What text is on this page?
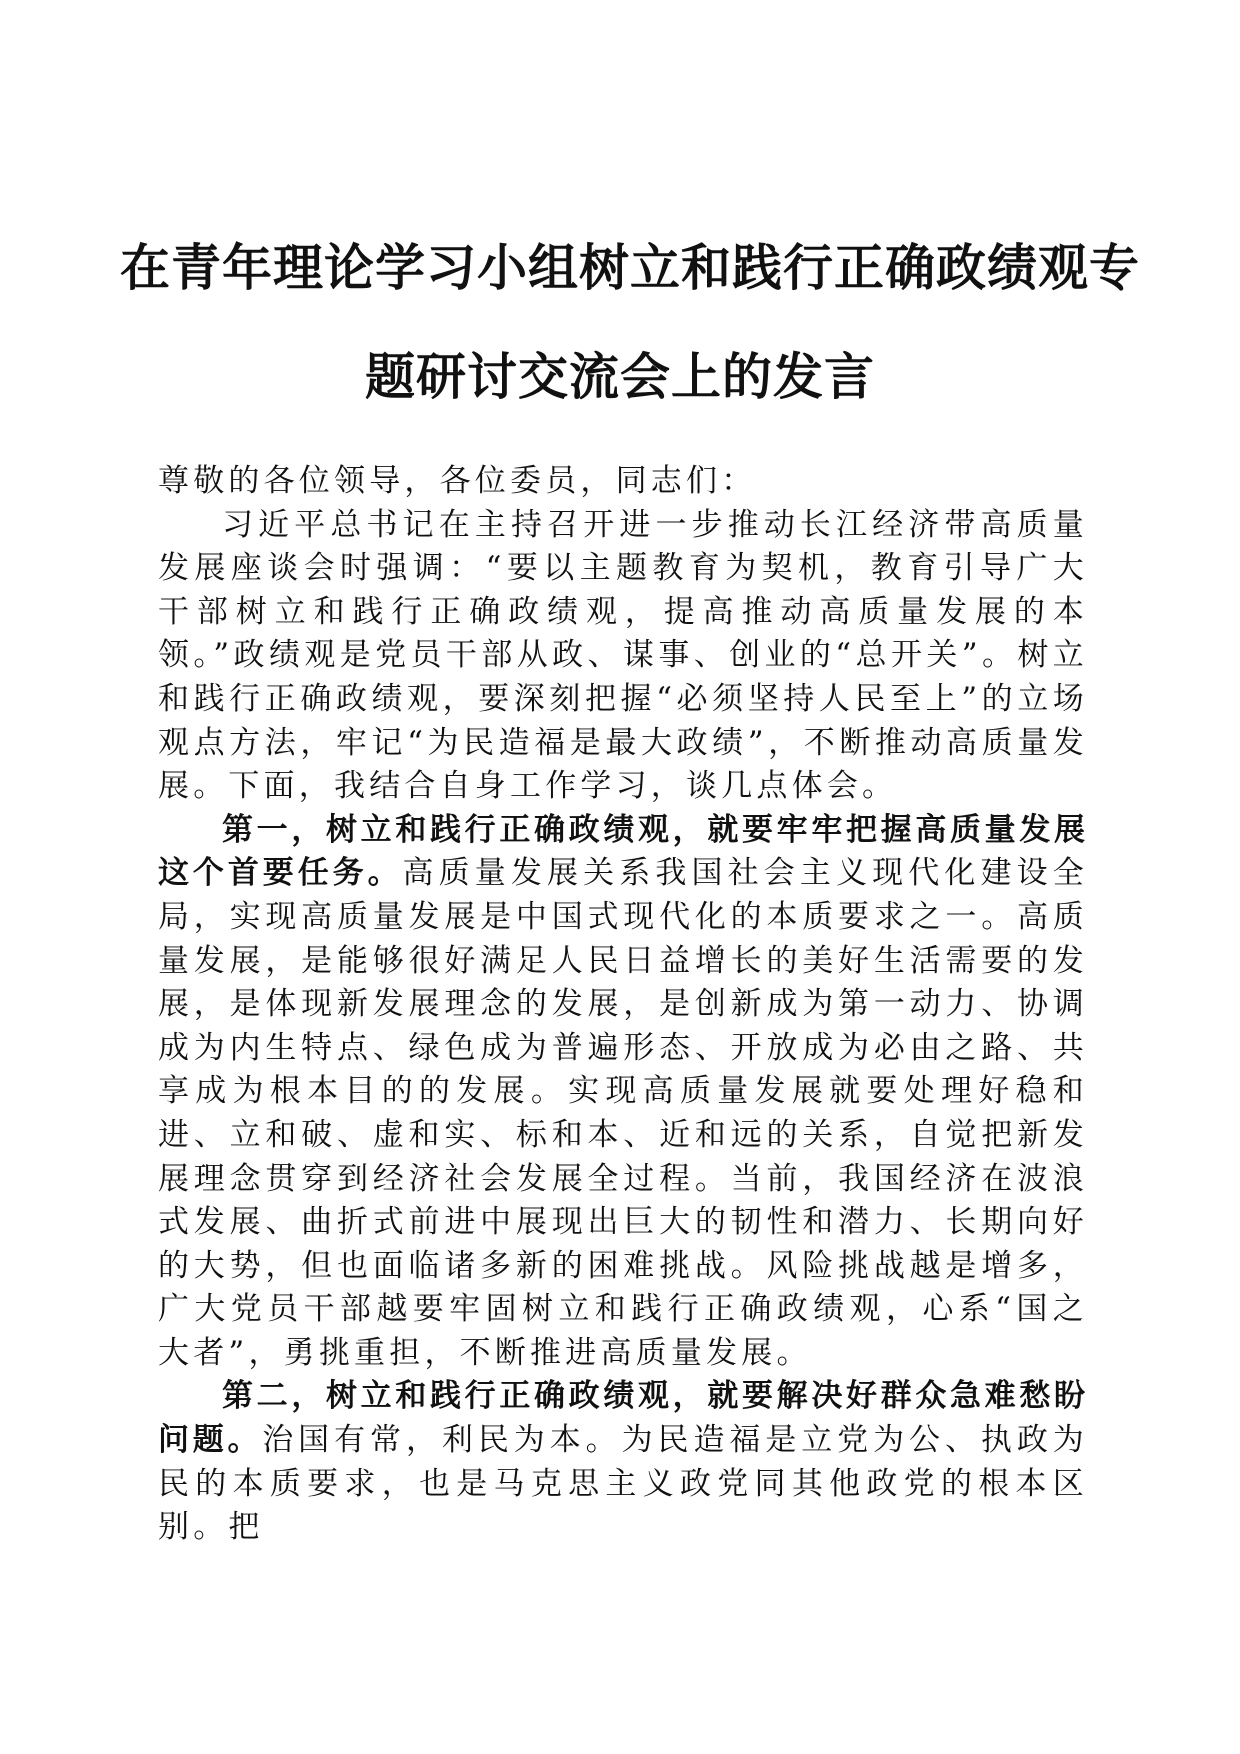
在青年理论学习小组树立和践行正确政绩观专
题研讨交流会上的发言

尊敬的各位领导，各位委员，同志们：

习近平总书记在主持召开进一步推动长江经济带高质量发展座谈会时强调：“要以主题教育为契机，教育引导广大干部树立和践行正确政绩观，提高推动高质量发展的本领。”政绩观是党员干部从政、谋事、创业的“总开关”。树立和践行正确政绩观，要深刻把握“必须坚持人民至上”的立场观点方法，牢记“为民造福是最大政绩”，不断推动高质量发展。下面，我结合自身工作学习，谈几点体会。

第一，树立和践行正确政绩观，就要牢牢把握高质量发展这个首要任务。高质量发展关系我国社会主义现代化建设全局，实现高质量发展是中国式现代化的本质要求之一。高质量发展，是能够很好满足人民日益增长的美好生活需要的发展，是体现新发展理念的发展，是创新成为第一动力、协调成为内生特点、绿色成为普遍形态、开放成为必由之路、共享成为根本目的的发展。实现高质量发展就要处理好稳和进、立和破、虚和实、标和本、近和远的关系，自觉把新发展理念贯穿到经济社会发展全过程。当前，我国经济在波浪式发展、曲折式前进中展现出巨大的韧性和潜力、长期向好的大势，但也面临诸多新的困难挑战。风险挑战越是增多，广大党员干部越要牢固树立和践行正确政绩观，心系“国之大者”，勇挑重担，不断推进高质量发展。

第二，树立和践行正确政绩观，就要解决好群众急难愁盼问题。治国有常，利民为本。为民造福是立党为公、执政为民的本质要求，也是马克思主义政党同其他政党的根本区别。把
